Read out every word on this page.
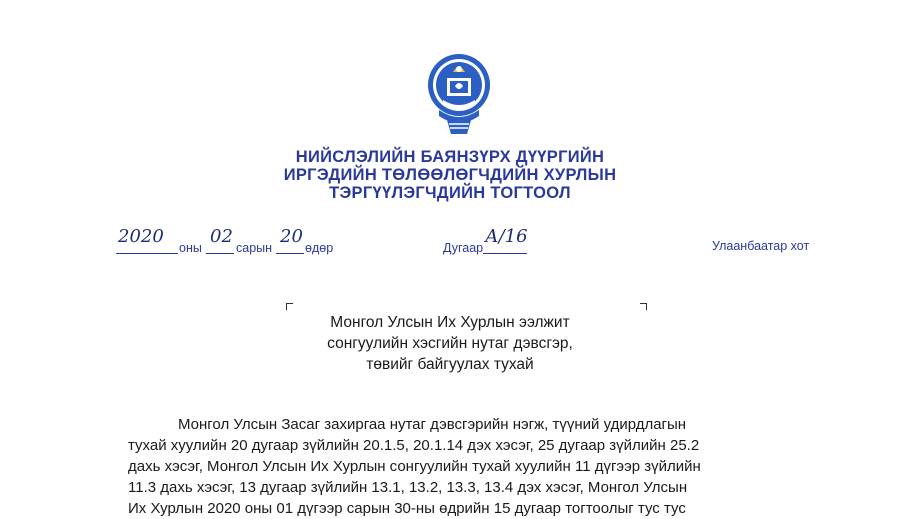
НИЙСЛЭЛИЙН БАЯНЗҮРХ ДҮҮРГИЙН
ИРГЭДИЙН ТӨЛӨӨЛӨГЧДИЙН ХУРЛЫН
ТЭРГҮҮЛЭГЧДИЙН ТОГТООЛ
2020
оны
02
сарын
20
өдөр	Дугаар
А/16	Улаанбаатар хот
Монгол Улсын Их Хурлын ээлжит
сонгуулийн хэсгийн нутаг дэвсгэр,
төвийг байгуулах тухай
Монгол Улсын Засаг захиргаа нутаг дэвсгэрийн нэгж, түүний удирдлагын
тухай хуулийн 20 дугаар зүйлийн 20.1.5, 20.1.14 дэх хэсэг, 25 дугаар зүйлийн 25.2
дахь хэсэг, Монгол Улсын Их Хурлын сонгуулийн тухай хуулийн 11 дүгээр зүйлийн
11.3 дахь хэсэг, 13 дугаар зүйлийн 13.1, 13.2, 13.3, 13.4 дэх хэсэг, Монгол Улсын
Их Хурлын 2020 оны 01 дүгээр сарын 30-ны өдрийн 15 дугаар тогтоолыг тус тус
